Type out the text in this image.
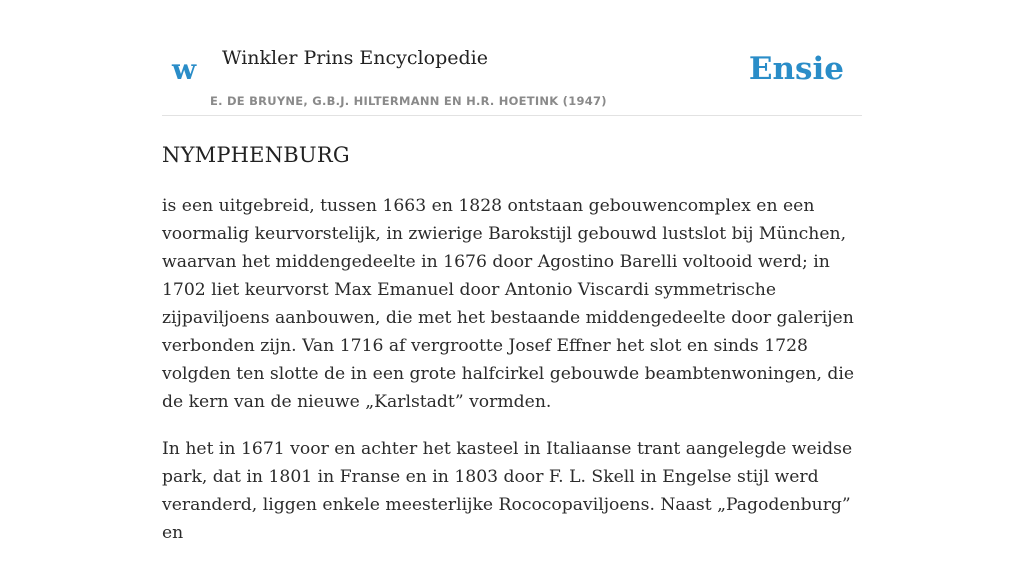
w Winkler Prins Encyclopedie
E. DE BRUYNE, G.B.J. HILTERMANN EN H.R. HOETINK (1947)
Ensie
NYMPHENBURG

is een uitgebreid, tussen 1663 en 1828 ontstaan gebouwencomplex en een voormalig keurvorstelijk, in zwierige Barokstijl gebouwd lustslot bij München, waarvan het middengedeelte in 1676 door Agostino Barelli voltooid werd; in 1702 liet keurvorst Max Emanuel door Antonio Viscardi symmetrische zijpaviljoens aanbouwen, die met het bestaande middengedeelte door galerijen verbonden zijn. Van 1716 af vergrootte Josef Effner het slot en sinds 1728 volgden ten slotte de in een grote halfcirkel gebouwde beambtenwoningen, die de kern van de nieuwe „Karlstadt” vormden.

In het in 1671 voor en achter het kasteel in Italiaanse trant aangelegde weidse park, dat in 1801 in Franse en in 1803 door F. L. Skell in Engelse stijl werd veranderd, liggen enkele meesterlijke Rococopaviljoens. Naast „Pagodenburg” en
